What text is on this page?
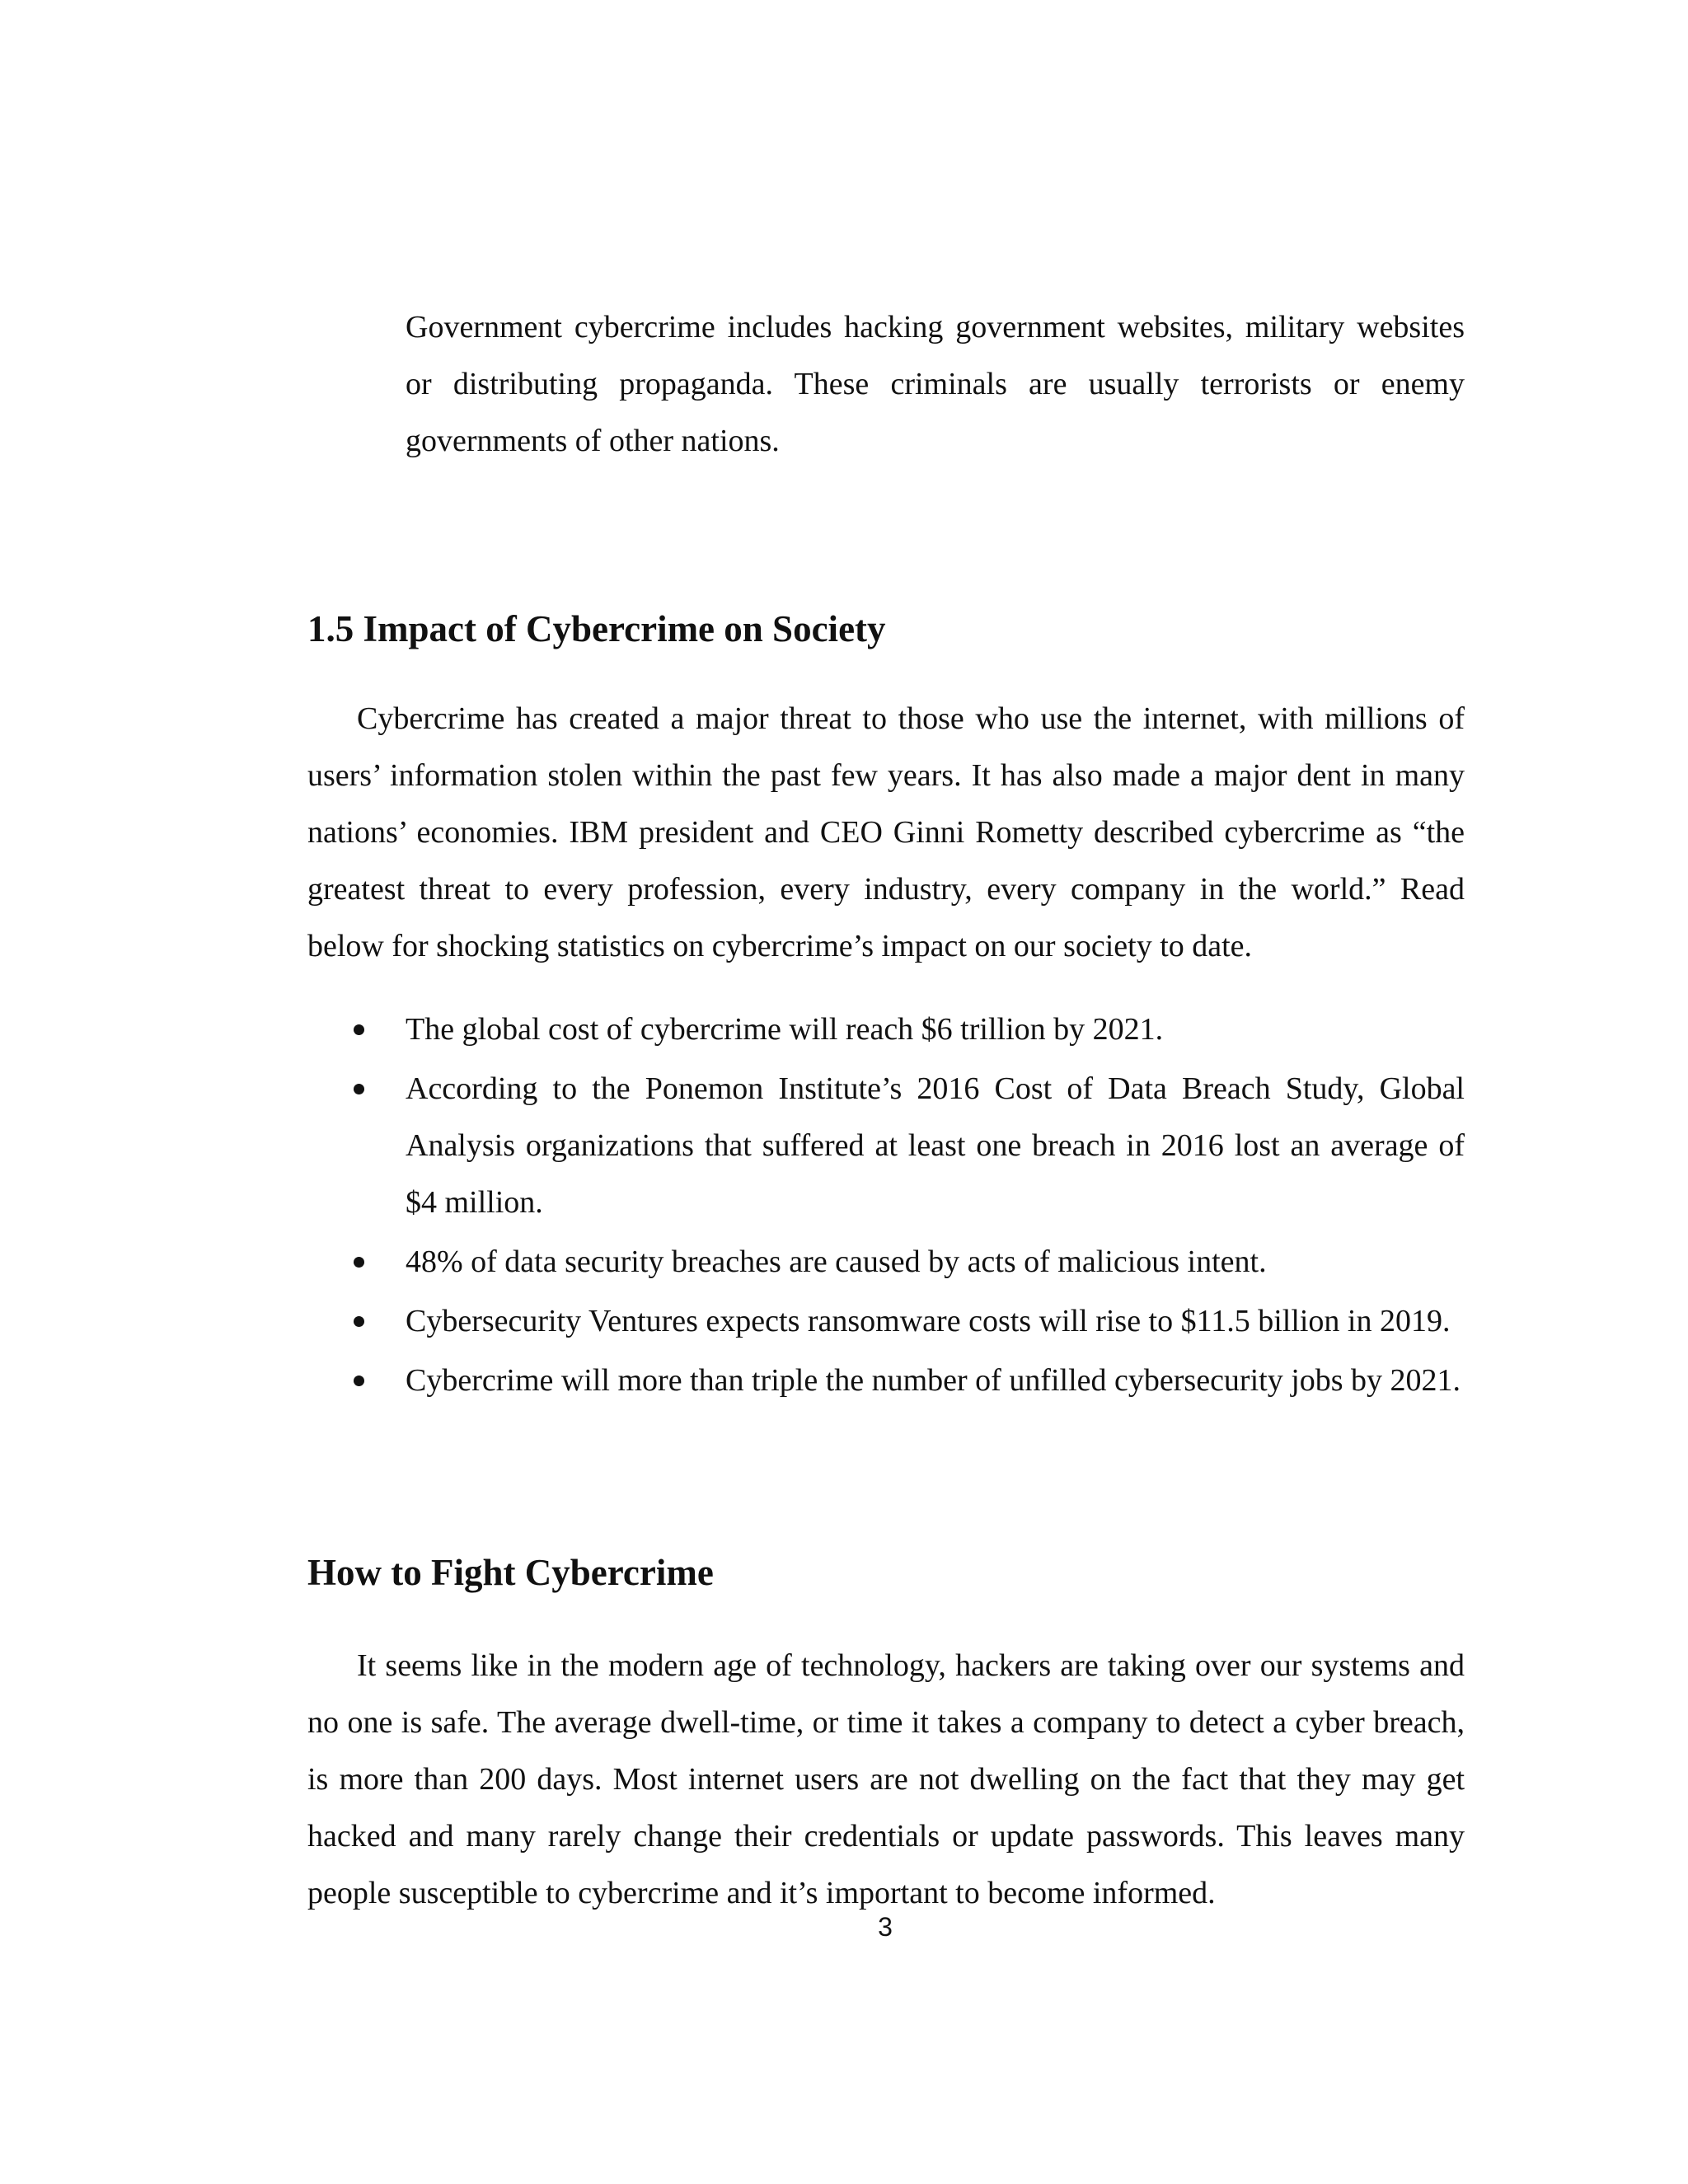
Government cybercrime includes hacking government websites, military websites or distributing propaganda. These criminals are usually terrorists or enemy governments of other nations.

1.5 Impact of Cybercrime on Society

Cybercrime has created a major threat to those who use the internet, with millions of users’ information stolen within the past few years. It has also made a major dent in many nations’ economies. IBM president and CEO Ginni Rometty described cybercrime as “the greatest threat to every profession, every industry, every company in the world.” Read below for shocking statistics on cybercrime’s impact on our society to date.

The global cost of cybercrime will reach $6 trillion by 2021.
According to the Ponemon Institute’s 2016 Cost of Data Breach Study, Global Analysis organizations that suffered at least one breach in 2016 lost an average of $4 million.
48% of data security breaches are caused by acts of malicious intent.
Cybersecurity Ventures expects ransomware costs will rise to $11.5 billion in 2019.
Cybercrime will more than triple the number of unfilled cybersecurity jobs by 2021.
How to Fight Cybercrime

It seems like in the modern age of technology, hackers are taking over our systems and no one is safe. The average dwell-time, or time it takes a company to detect a cyber breach, is more than 200 days. Most internet users are not dwelling on the fact that they may get hacked and many rarely change their credentials or update passwords. This leaves many people susceptible to cybercrime and it’s important to become informed.

3
